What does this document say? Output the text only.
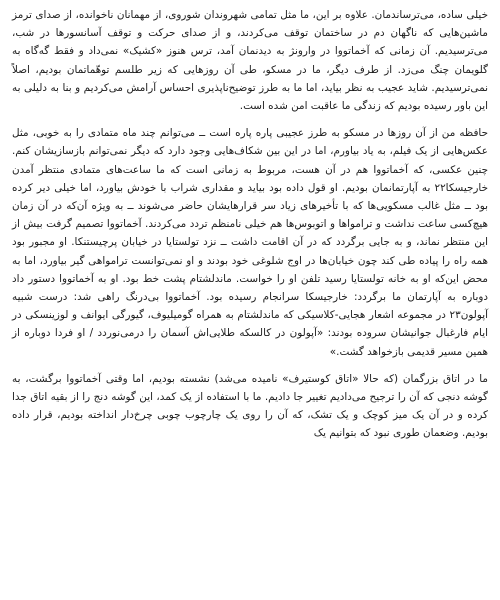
خیلی ساده، می‌ترساندمان. علاوه بر این، ما مثل تمامی شهروندان شوروی، از مهمانان ناخوانده، از صدای ترمز ماشین‌هایی که ناگهان دم در ساختمان توقف می‌کردند، و از صدای حرکت و توقف آسانسورها در شب، می‌ترسیدیم. آن زمانی که آخماتووا در وارونژ به دیدنمان آمد، ترس هنوز «کشیک» نمی‌داد و فقط گه‌گاه به گلویمان چنگ می‌زد. از طرف دیگر، ما در مسکو، طی آن روزهایی که زیر طلسم توهّماتمان بودیم، اصلاً نمی‌ترسیدیم. شاید عجیب به نظر بیاید، اما ما به طرز توضیح‌ناپذیری احساس آرامش می‌کردیم و بنا به دلیلی به این باور رسیده بودیم که زندگی ما عاقبت امن شده است.

حافظه من از آن روزها در مسکو به طرز عجیبی پاره پاره است ــ می‌توانم چند ماه متمادی را به خوبی، مثل عکس‌هایی از یک فیلم، به یاد بیاورم، اما در این بین شکاف‌هایی وجود دارد که دیگر نمی‌توانم بازسازیشان کنم. چنین عکسی، که آخماتووا هم در آن هست، مربوط به زمانی است که ما ساعت‌های متمادی منتظر آمدن خارجیسکا۲۲ به آپارتمانمان بودیم. او قول داده بود بیاید و مقداری شراب با خودش بیاورد، اما خیلی دیر کرده بود ــ مثل غالب مسکویی‌ها که با تأخیرهای زیاد سر قرارهایشان حاضر می‌شوند ــ به ویژه آن‌که در آن زمان هیچ‌کسی ساعت نداشت و ترامواها و اتوبوس‌ها هم خیلی نامنظم تردد می‌کردند. آخماتووا تصمیم گرفت بیش از این منتظر نماند، و به جایی برگردد که در آن اقامت داشت ــ نزد تولستایا در خیابان پرچیستنکا. او مجبور بود همه راه را پیاده طی کند چون خیابان‌ها در اوج شلوغی خود بودند و او نمی‌توانست ترامواهی گیر بیاورد، اما به محض این‌که او به خانه تولستایا رسید تلفن او را خواست. ماندلشتام پشت خط بود. او به آخماتووا دستور داد دوباره به آپارتمان ما برگردد: خارجیسکا سرانجام رسیده بود. آخماتووا بی‌درنگ راهی شد: درست شبیه آپولون۲۳ در مجموعه اشعار هجایی-کلاسیکی که ماندلشتام به همراه گومیلیوف، گیورگی ایوانف و لوزینسکی در ایام فارغبال جوانیشان سروده بودند: «آپولون در کالسکه طلایی‌اش آسمان را درمی‌نوردد / او فردا دوباره از همین مسیر قدیمی بازخواهد گشت.»

ما در اتاق بزرگمان (که حالا «اتاق کوستیرف» نامیده می‌شد) نشسته بودیم، اما وقتی آخماتووا برگشت، به گوشه دنجی که آن را ترجیح می‌دادیم تغییر جا دادیم. ما با استفاده از یک کمد، این گوشه دنج را از بقیه اتاق جدا کرده و در آن یک میز کوچک و یک تشک، که آن را روی یک چارچوب چوبی چرخ‌دار انداخته بودیم، قرار داده بودیم. وضعمان طوری نبود که بتوانیم یک
